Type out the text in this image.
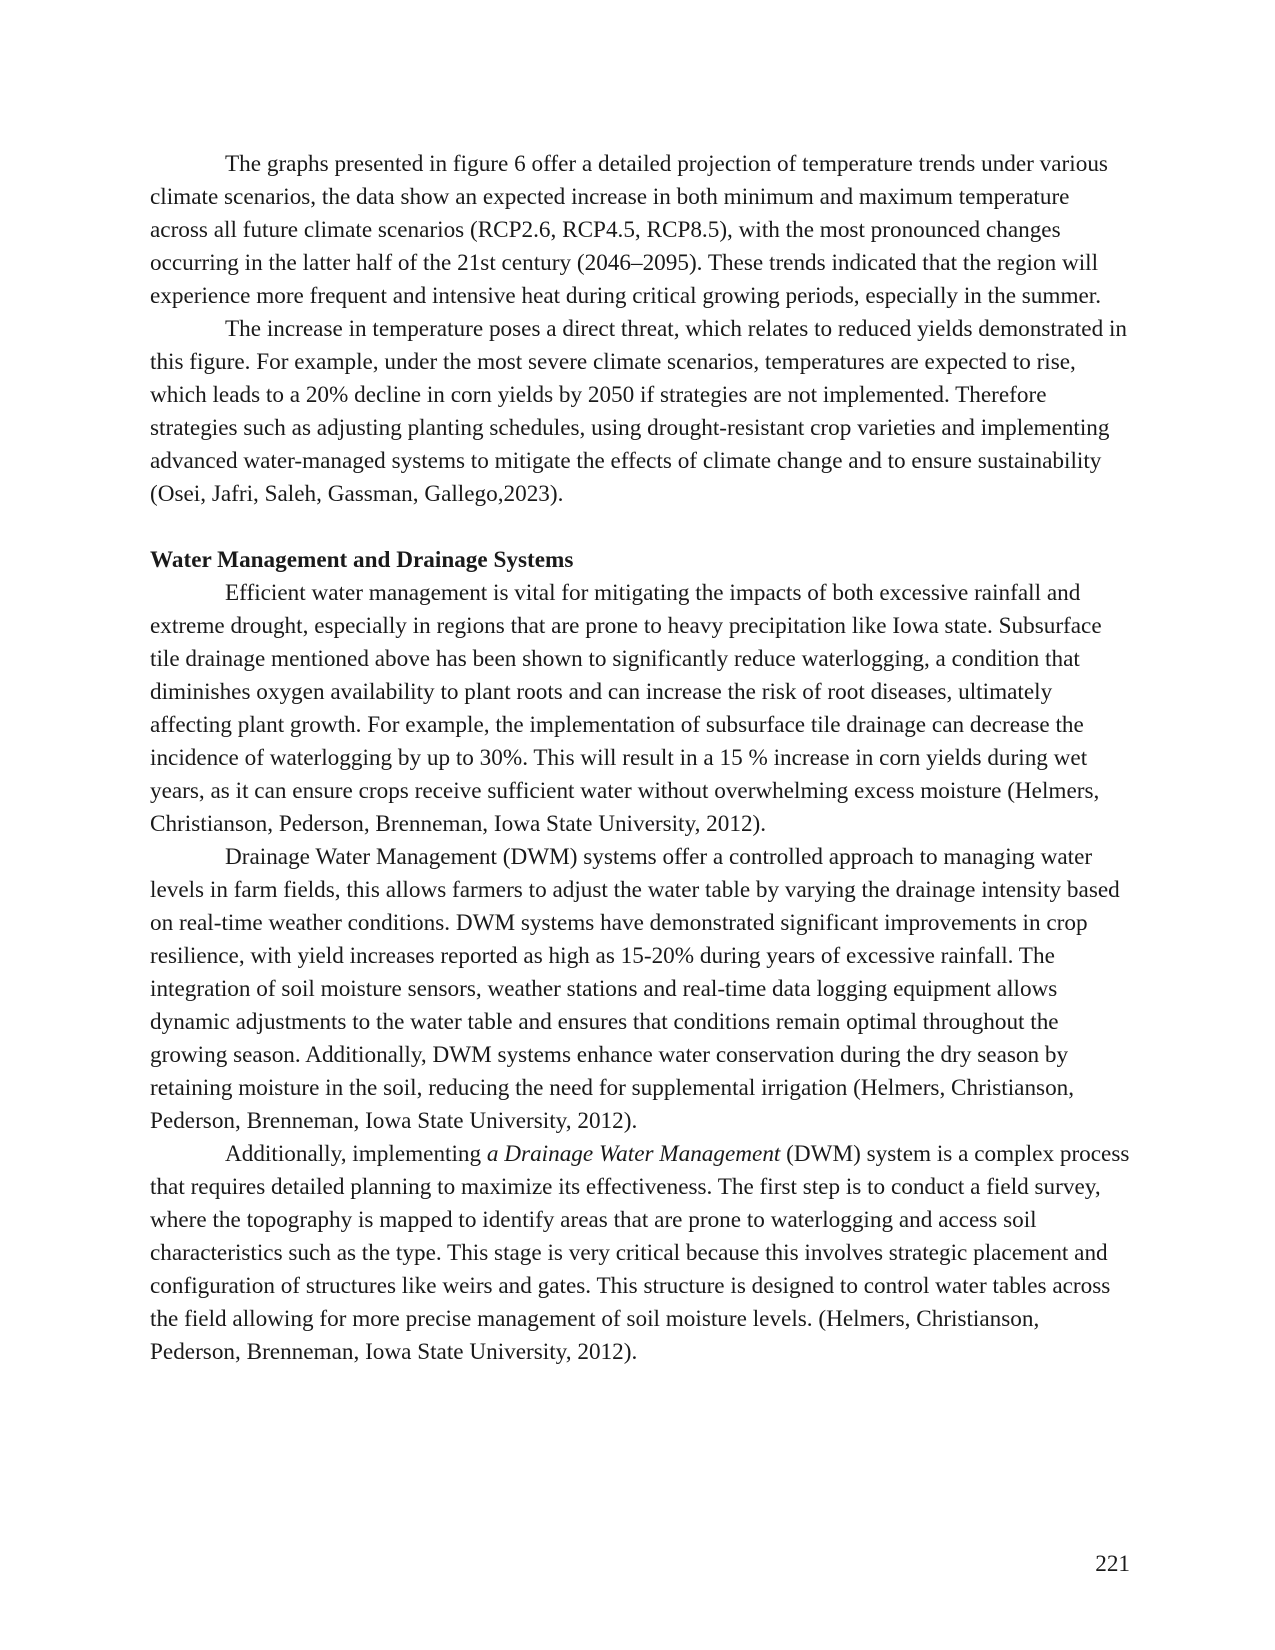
The graphs presented in figure 6 offer a detailed projection of temperature trends under various climate scenarios, the data show an expected increase in both minimum and maximum temperature across all future climate scenarios (RCP2.6, RCP4.5, RCP8.5), with the most pronounced changes occurring in the latter half of the 21st century (2046–2095). These trends indicated that the region will experience more frequent and intensive heat during critical growing periods, especially in the summer.

The increase in temperature poses a direct threat, which relates to reduced yields demonstrated in this figure. For example, under the most severe climate scenarios, temperatures are expected to rise, which leads to a 20% decline in corn yields by 2050 if strategies are not implemented. Therefore strategies such as adjusting planting schedules, using drought-resistant crop varieties and implementing advanced water-managed systems to mitigate the effects of climate change and to ensure sustainability (Osei, Jafri, Saleh, Gassman, Gallego,2023).

Water Management and Drainage Systems

Efficient water management is vital for mitigating the impacts of both excessive rainfall and extreme drought, especially in regions that are prone to heavy precipitation like Iowa state. Subsurface tile drainage mentioned above has been shown to significantly reduce waterlogging, a condition that diminishes oxygen availability to plant roots and can increase the risk of root diseases, ultimately affecting plant growth. For example, the implementation of subsurface tile drainage can decrease the incidence of waterlogging by up to 30%. This will result in a 15 % increase in corn yields during wet years, as it can ensure crops receive sufficient water without overwhelming excess moisture (Helmers, Christianson, Pederson, Brenneman, Iowa State University, 2012).

Drainage Water Management (DWM) systems offer a controlled approach to managing water levels in farm fields, this allows farmers to adjust the water table by varying the drainage intensity based on real-time weather conditions. DWM systems have demonstrated significant improvements in crop resilience, with yield increases reported as high as 15-20% during years of excessive rainfall. The integration of soil moisture sensors, weather stations and real-time data logging equipment allows dynamic adjustments to the water table and ensures that conditions remain optimal throughout the growing season. Additionally, DWM systems enhance water conservation during the dry season by retaining moisture in the soil, reducing the need for supplemental irrigation (Helmers, Christianson, Pederson, Brenneman, Iowa State University, 2012).

Additionally, implementing a Drainage Water Management (DWM) system is a complex process that requires detailed planning to maximize its effectiveness. The first step is to conduct a field survey, where the topography is mapped to identify areas that are prone to waterlogging and access soil characteristics such as the type. This stage is very critical because this involves strategic placement and configuration of structures like weirs and gates. This structure is designed to control water tables across the field allowing for more precise management of soil moisture levels. (Helmers, Christianson, Pederson, Brenneman, Iowa State University, 2012).

221
